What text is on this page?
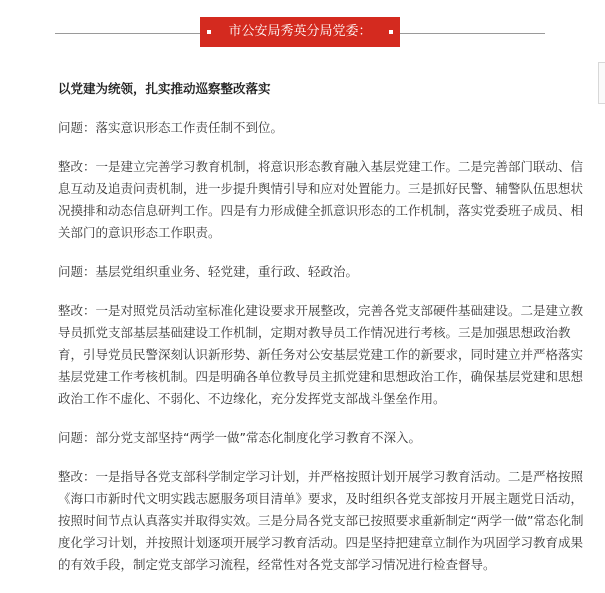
市公安局秀英分局党委：

以党建为统领，扎实推动巡察整改落实

问题：落实意识形态工作责任制不到位。

整改：一是建立完善学习教育机制，将意识形态教育融入基层党建工作。二是完善部门联动、信息互动及追责问责机制，进一步提升舆情引导和应对处置能力。三是抓好民警、辅警队伍思想状况摸排和动态信息研判工作。四是有力形成健全抓意识形态的工作机制，落实党委班子成员、相关部门的意识形态工作职责。

问题：基层党组织重业务、轻党建，重行政、轻政治。

整改：一是对照党员活动室标准化建设要求开展整改，完善各党支部硬件基础建设。二是建立教导员抓党支部基层基础建设工作机制，定期对教导员工作情况进行考核。三是加强思想政治教育，引导党员民警深刻认识新形势、新任务对公安基层党建工作的新要求，同时建立并严格落实基层党建工作考核机制。四是明确各单位教导员主抓党建和思想政治工作，确保基层党建和思想政治工作不虚化、不弱化、不边缘化，充分发挥党支部战斗堡垒作用。

问题：部分党支部坚持“两学一做”常态化制度化学习教育不深入。

整改：一是指导各党支部科学制定学习计划，并严格按照计划开展学习教育活动。二是严格按照《海口市新时代文明实践志愿服务项目清单》要求，及时组织各党支部按月开展主题党日活动，按照时间节点认真落实并取得实效。三是分局各党支部已按照要求重新制定“两学一做”常态化制度化学习计划，并按照计划逐项开展学习教育活动。四是坚持把建章立制作为巩固学习教育成果的有效手段，制定党支部学习流程，经常性对各党支部学习情况进行检查督导。
